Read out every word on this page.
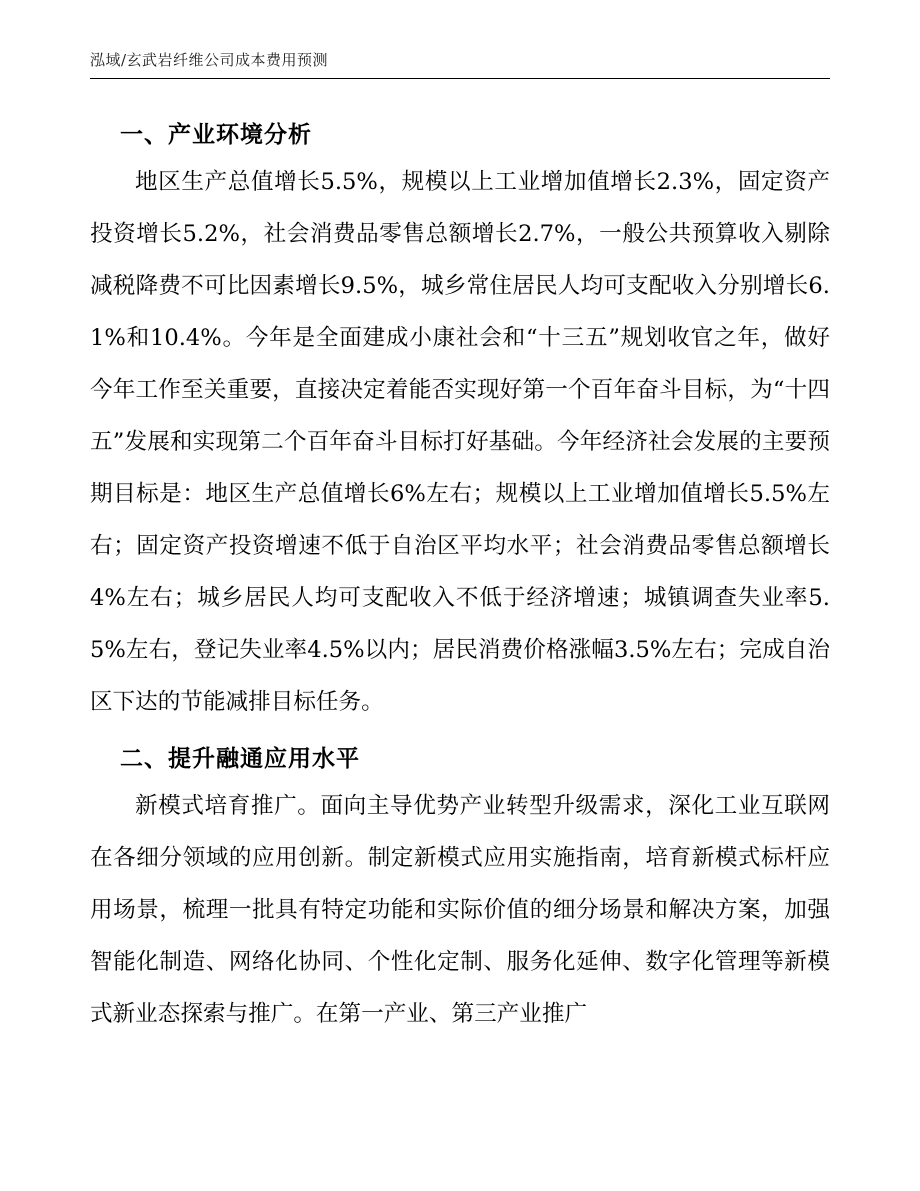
泓域/玄武岩纤维公司成本费用预测
一、产业环境分析

地区生产总值增长5.5%，规模以上工业增加值增长2.3%，固定资产投资增长5.2%，社会消费品零售总额增长2.7%，一般公共预算收入剔除减税降费不可比因素增长9.5%，城乡常住居民人均可支配收入分别增长6.1%和10.4%。今年是全面建成小康社会和“十三五”规划收官之年，做好今年工作至关重要，直接决定着能否实现好第一个百年奋斗目标，为“十四五”发展和实现第二个百年奋斗目标打好基础。今年经济社会发展的主要预期目标是：地区生产总值增长6%左右；规模以上工业增加值增长5.5%左右；固定资产投资增速不低于自治区平均水平；社会消费品零售总额增长4%左右；城乡居民人均可支配收入不低于经济增速；城镇调查失业率5.5%左右，登记失业率4.5%以内；居民消费价格涨幅3.5%左右；完成自治区下达的节能减排目标任务。

二、提升融通应用水平

新模式培育推广。面向主导优势产业转型升级需求，深化工业互联网在各细分领域的应用创新。制定新模式应用实施指南，培育新模式标杆应用场景，梳理一批具有特定功能和实际价值的细分场景和解决方案，加强智能化制造、网络化协同、个性化定制、服务化延伸、数字化管理等新模式新业态探索与推广。在第一产业、第三产业推广
